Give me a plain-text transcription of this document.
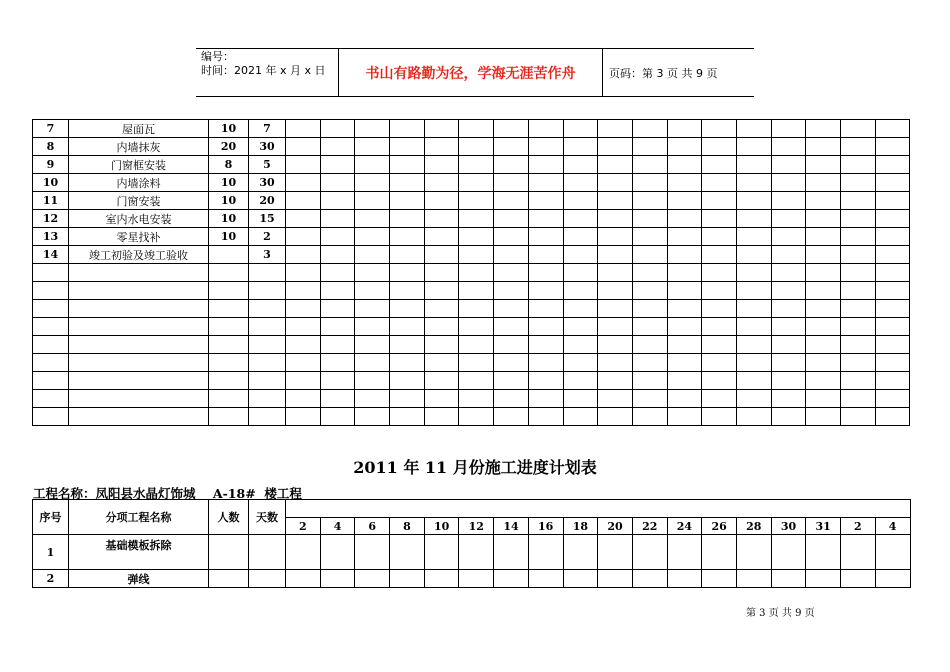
编号：
时间：2021 年 x 月 x 日	书山有路勤为径，学海无涯苦作舟	页码：第 3 页 共 9 页
7	屋面瓦	10	7																		
8	内墙抹灰	20	30																		
9	门窗框安装	8	5																		
10	内墙涂料	10	30																		
11	门窗安装	10	20																		
12	室内水电安装	10	15																		
13	零星找补	10	2																		
14	竣工初验及竣工验收		3																		

2011 年 11 月份施工进度计划表
工程名称：凤阳县水晶灯饰城    A-18#  楼工程
序号	分项工程名称	人数	天数																		
				2	4	6	8	10	12	14	16	18	20	22	24	26	28	30	31	2	4
1	基础模板拆除																				
2	弹线																				
第 3 页 共 9 页
